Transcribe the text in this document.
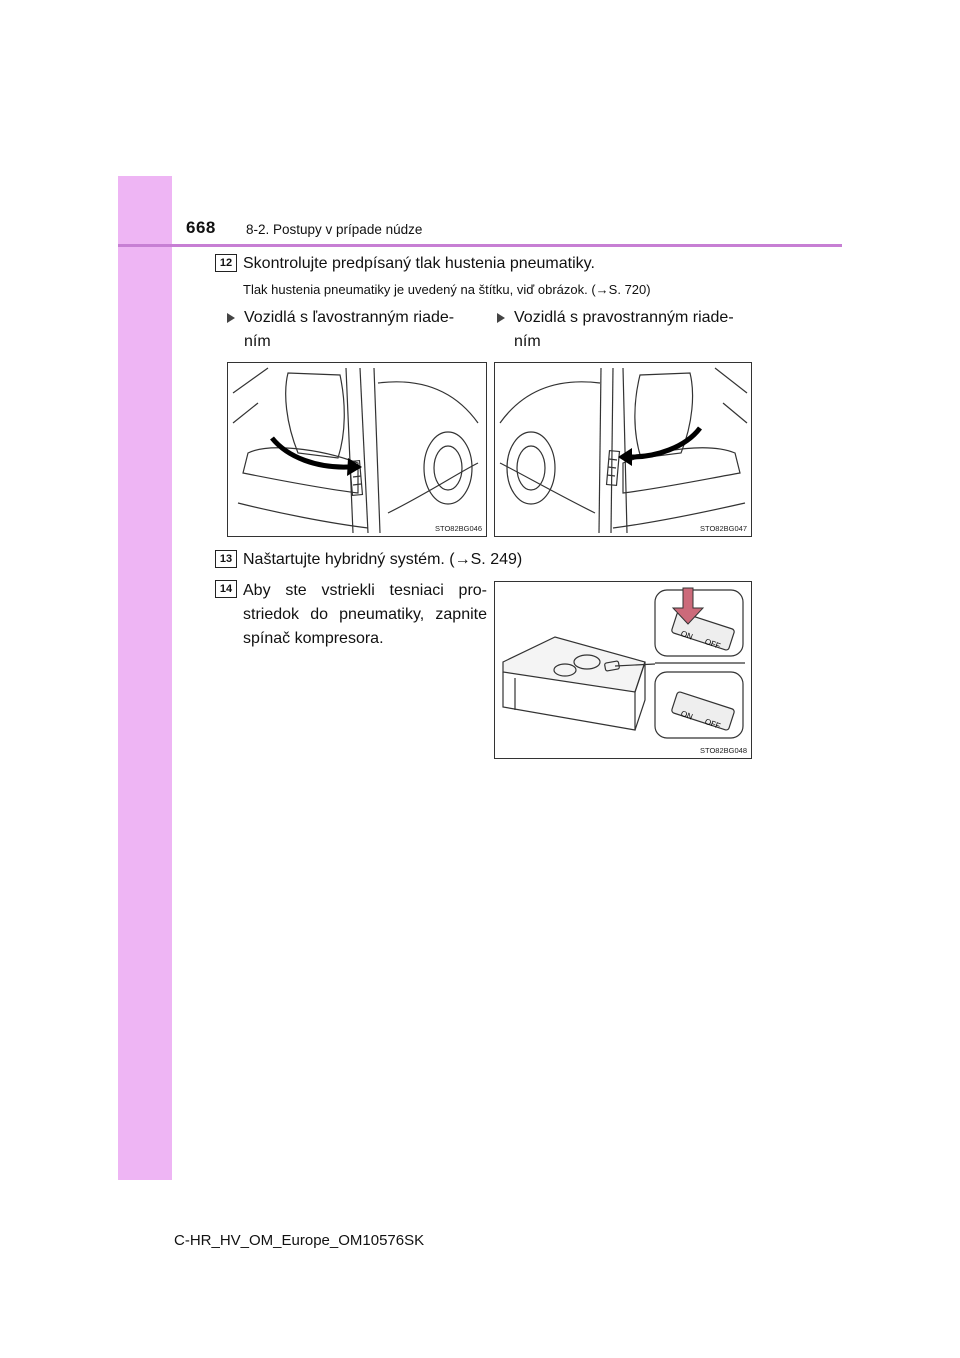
668 8-2. Postupy v prípade núdze
12 Skontrolujte predpísaný tlak hustenia pneumatiky.
Tlak hustenia pneumatiky je uvedený na štítku, viď obrázok. (→S. 720)
Vozidlá s ľavostranným riade-
ním
Vozidlá s pravostranným riade-
ním
STO82BG046	STO82BG047
13 Naštartujte hybridný systém. (→S. 249)
14 Aby ste vstriekli tesniaci pro-
striedok do pneumatiky, zapnite
spínač kompresora.	ON
OFF
ON
OFF
STO82BG048
C-HR_HV_OM_Europe_OM10576SK
